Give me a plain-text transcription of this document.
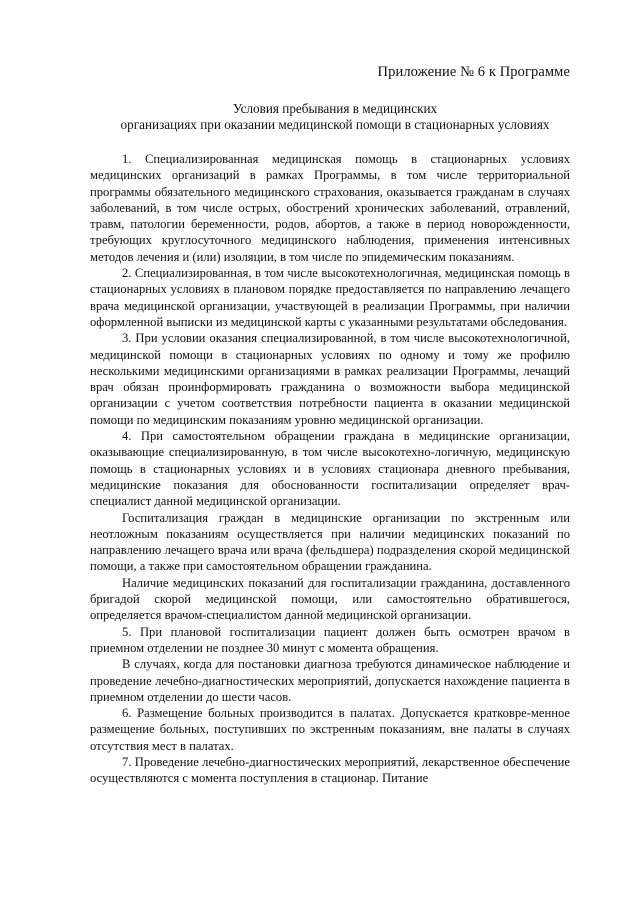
Приложение № 6 к Программе
Условия пребывания в медицинских
организациях при оказании медицинской помощи в стационарных условиях

1. Специализированная медицинская помощь в стационарных условиях медицинских организаций в рамках Программы, в том числе территориальной программы обязательного медицинского страхования, оказывается гражданам в случаях заболеваний, в том числе острых, обострений хронических заболеваний, отравлений, травм, патологии беременности, родов, абортов, а также в период новорожденности, требующих круглосуточного медицинского наблюдения, применения интенсивных методов лечения и (или) изоляции, в том числе по эпидемическим показаниям.

2. Специализированная, в том числе высокотехнологичная, медицинская помощь в стационарных условиях в плановом порядке предоставляется по направлению лечащего врача медицинской организации, участвующей в реализации Программы, при наличии оформленной выписки из медицинской карты с указанными результатами обследования.

3. При условии оказания специализированной, в том числе высокотехнологичной, медицинской помощи в стационарных условиях по одному и тому же профилю несколькими медицинскими организациями в рамках реализации Программы, лечащий врач обязан проинформировать гражданина о возможности выбора медицинской организации с учетом соответствия потребности пациента в оказании медицинской помощи по медицинским показаниям уровню медицинской организации.

4. При самостоятельном обращении граждана в медицинские организации, оказывающие специализированную, в том числе высокотехно-логичную, медицинскую помощь в стационарных условиях и в условиях стационара дневного пребывания, медицинские показания для обоснованности госпитализации определяет врач-специалист данной медицинской организации.

Госпитализация граждан в медицинские организации по экстренным или неотложным показаниям осуществляется при наличии медицинских показаний по направлению лечащего врача или врача (фельдшера) подразделения скорой медицинской помощи, а также при самостоятельном обращении гражданина.

Наличие медицинских показаний для госпитализации гражданина, доставленного бригадой скорой медицинской помощи, или самостоятельно обратившегося, определяется врачом-специалистом данной медицинской организации.

5. При плановой госпитализации пациент должен быть осмотрен врачом в приемном отделении не позднее 30 минут с момента обращения.

В случаях, когда для постановки диагноза требуются динамическое наблюдение и проведение лечебно-диагностических мероприятий, допускается нахождение пациента в приемном отделении до шести часов.

6. Размещение больных производится в палатах. Допускается кратковре-менное размещение больных, поступивших по экстренным показаниям, вне палаты в случаях отсутствия мест в палатах.

7. Проведение лечебно-диагностических мероприятий, лекарственное обеспечение осуществляются с момента поступления в стационар. Питание
